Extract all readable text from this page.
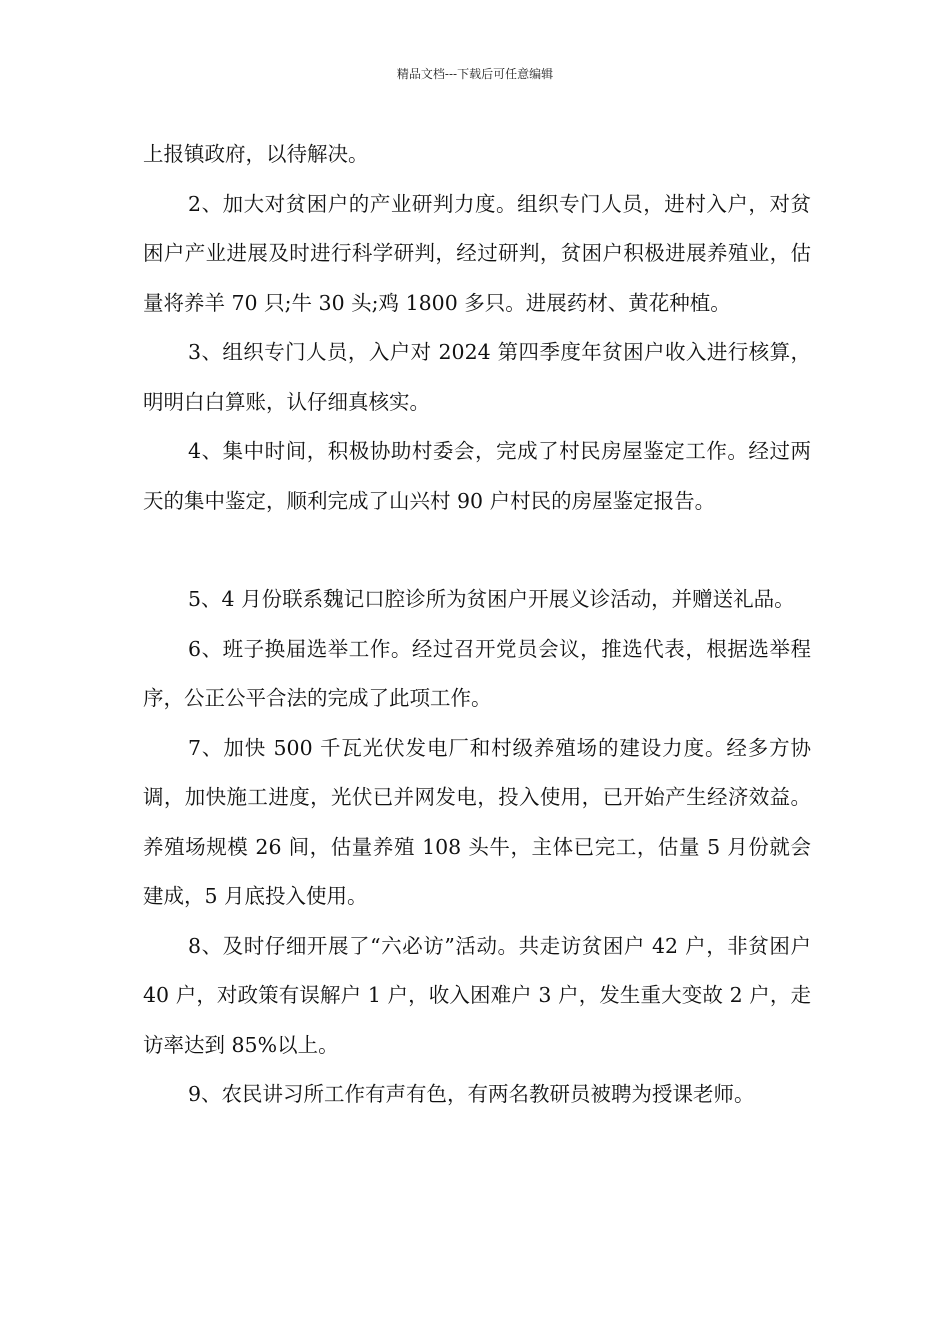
精品文档---下载后可任意编辑

上报镇政府，以待解决。

2、加大对贫困户的产业研判力度。组织专门人员，进村入户，对贫困户产业进展及时进行科学研判，经过研判，贫困户积极进展养殖业，估量将养羊 70 只;牛 30 头;鸡 1800 多只。进展药材、黄花种植。

3、组织专门人员，入户对 2024 第四季度年贫困户收入进行核算，明明白白算账，认仔细真核实。

4、集中时间，积极协助村委会，完成了村民房屋鉴定工作。经过两天的集中鉴定，顺利完成了山兴村 90 户村民的房屋鉴定报告。

5、4 月份联系魏记口腔诊所为贫困户开展义诊活动，并赠送礼品。

6、班子换届选举工作。经过召开党员会议，推选代表，根据选举程序，公正公平合法的完成了此项工作。

7、加快 500 千瓦光伏发电厂和村级养殖场的建设力度。经多方协调，加快施工进度，光伏已并网发电，投入使用，已开始产生经济效益。养殖场规模 26 间，估量养殖 108 头牛，主体已完工，估量 5 月份就会建成，5 月底投入使用。

8、及时仔细开展了“六必访”活动。共走访贫困户 42 户，非贫困户 40 户，对政策有误解户 1 户，收入困难户 3 户，发生重大变故 2 户，走访率达到 85%以上。

9、农民讲习所工作有声有色，有两名教研员被聘为授课老师。
